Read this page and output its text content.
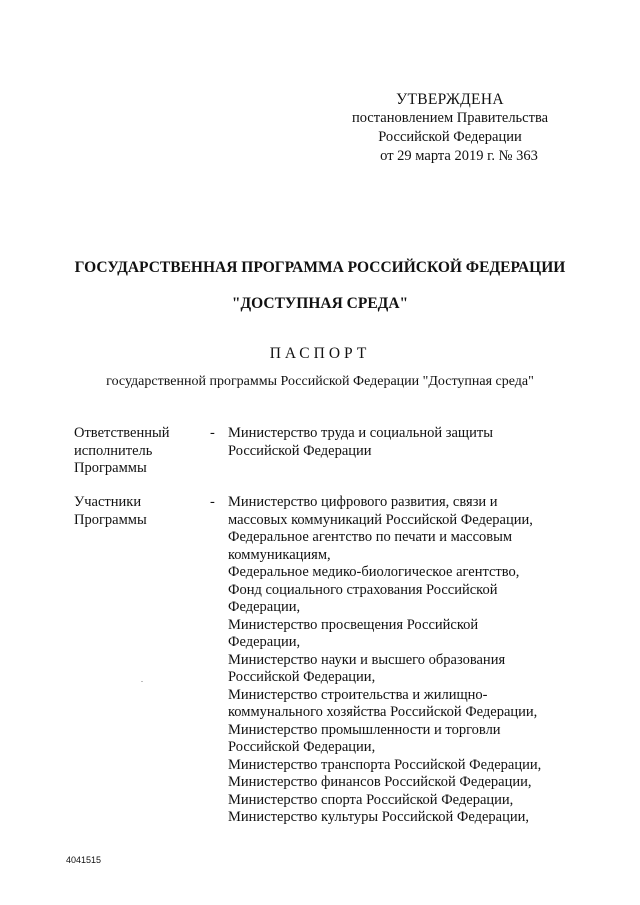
УТВЕРЖДЕНА
постановлением Правительства
Российской Федерации
от 29 марта 2019 г. № 363
ГОСУДАРСТВЕННАЯ ПРОГРАММА РОССИЙСКОЙ ФЕДЕРАЦИИ
"ДОСТУПНАЯ СРЕДА"
ПАСПОРТ
государственной программы Российской Федерации "Доступная среда"
Ответственный
исполнитель
Программы
- Министерство труда и социальной защиты
Российской Федерации
Участники
Программы
- Министерство цифрового развития, связи и
массовых коммуникаций Российской Федерации,
Федеральное агентство по печати и массовым
коммуникациям,
Федеральное медико-биологическое агентство,
Фонд социального страхования Российской
Федерации,
Министерство просвещения Российской
Федерации,
Министерство науки и высшего образования
Российской Федерации,
Министерство строительства и жилищно-
коммунального хозяйства Российской Федерации,
Министерство промышленности и торговли
Российской Федерации,
Министерство транспорта Российской Федерации,
Министерство финансов Российской Федерации,
Министерство спорта Российской Федерации,
Министерство культуры Российской Федерации,
4041515
